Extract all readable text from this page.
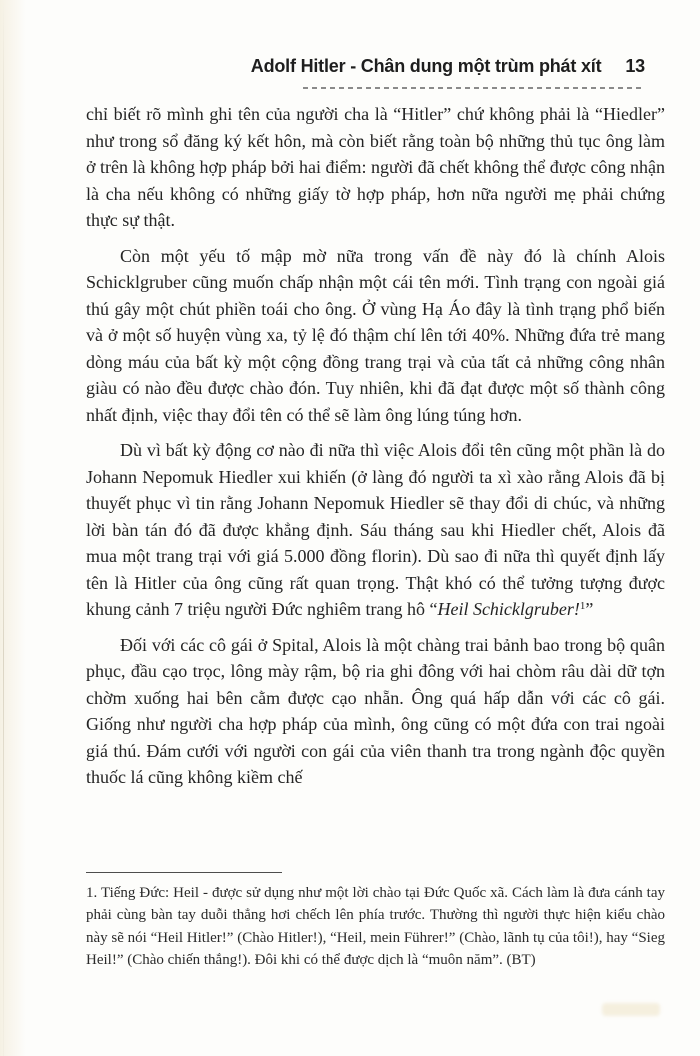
Adolf Hitler - Chân dung một trùm phát xít 13

chỉ biết rõ mình ghi tên của người cha là “Hitler” chứ không phải là “Hiedler” như trong sổ đăng ký kết hôn, mà còn biết rằng toàn bộ những thủ tục ông làm ở trên là không hợp pháp bởi hai điểm: người đã chết không thể được công nhận là cha nếu không có những giấy tờ hợp pháp, hơn nữa người mẹ phải chứng thực sự thật.

Còn một yếu tố mập mờ nữa trong vấn đề này đó là chính Alois Schicklgruber cũng muốn chấp nhận một cái tên mới. Tình trạng con ngoài giá thú gây một chút phiền toái cho ông. Ở vùng Hạ Áo đây là tình trạng phổ biến và ở một số huyện vùng xa, tỷ lệ đó thậm chí lên tới 40%. Những đứa trẻ mang dòng máu của bất kỳ một cộng đồng trang trại và của tất cả những công nhân giàu có nào đều được chào đón. Tuy nhiên, khi đã đạt được một số thành công nhất định, việc thay đổi tên có thể sẽ làm ông lúng túng hơn.

Dù vì bất kỳ động cơ nào đi nữa thì việc Alois đổi tên cũng một phần là do Johann Nepomuk Hiedler xui khiến (ở làng đó người ta xì xào rằng Alois đã bị thuyết phục vì tin rằng Johann Nepomuk Hiedler sẽ thay đổi di chúc, và những lời bàn tán đó đã được khẳng định. Sáu tháng sau khi Hiedler chết, Alois đã mua một trang trại với giá 5.000 đồng florin). Dù sao đi nữa thì quyết định lấy tên là Hitler của ông cũng rất quan trọng. Thật khó có thể tưởng tượng được khung cảnh 7 triệu người Đức nghiêm trang hô “Heil Schicklgruber!$^1$”

Đối với các cô gái ở Spital, Alois là một chàng trai bảnh bao trong bộ quân phục, đầu cạo trọc, lông mày rậm, bộ ria ghi đông với hai chòm râu dài dữ tợn chờm xuống hai bên cằm được cạo nhẵn. Ông quá hấp dẫn với các cô gái. Giống như người cha hợp pháp của mình, ông cũng có một đứa con trai ngoài giá thú. Đám cưới với người con gái của viên thanh tra trong ngành độc quyền thuốc lá cũng không kiềm chế

1. Tiếng Đức: Heil - được sử dụng như một lời chào tại Đức Quốc xã. Cách làm là đưa cánh tay phải cùng bàn tay duỗi thẳng hơi chếch lên phía trước. Thường thì người thực hiện kiểu chào này sẽ nói “Heil Hitler!” (Chào Hitler!), “Heil, mein Führer!” (Chào, lãnh tụ của tôi!), hay “Sieg Heil!” (Chào chiến thắng!). Đôi khi có thể được dịch là “muôn năm”. (BT)
